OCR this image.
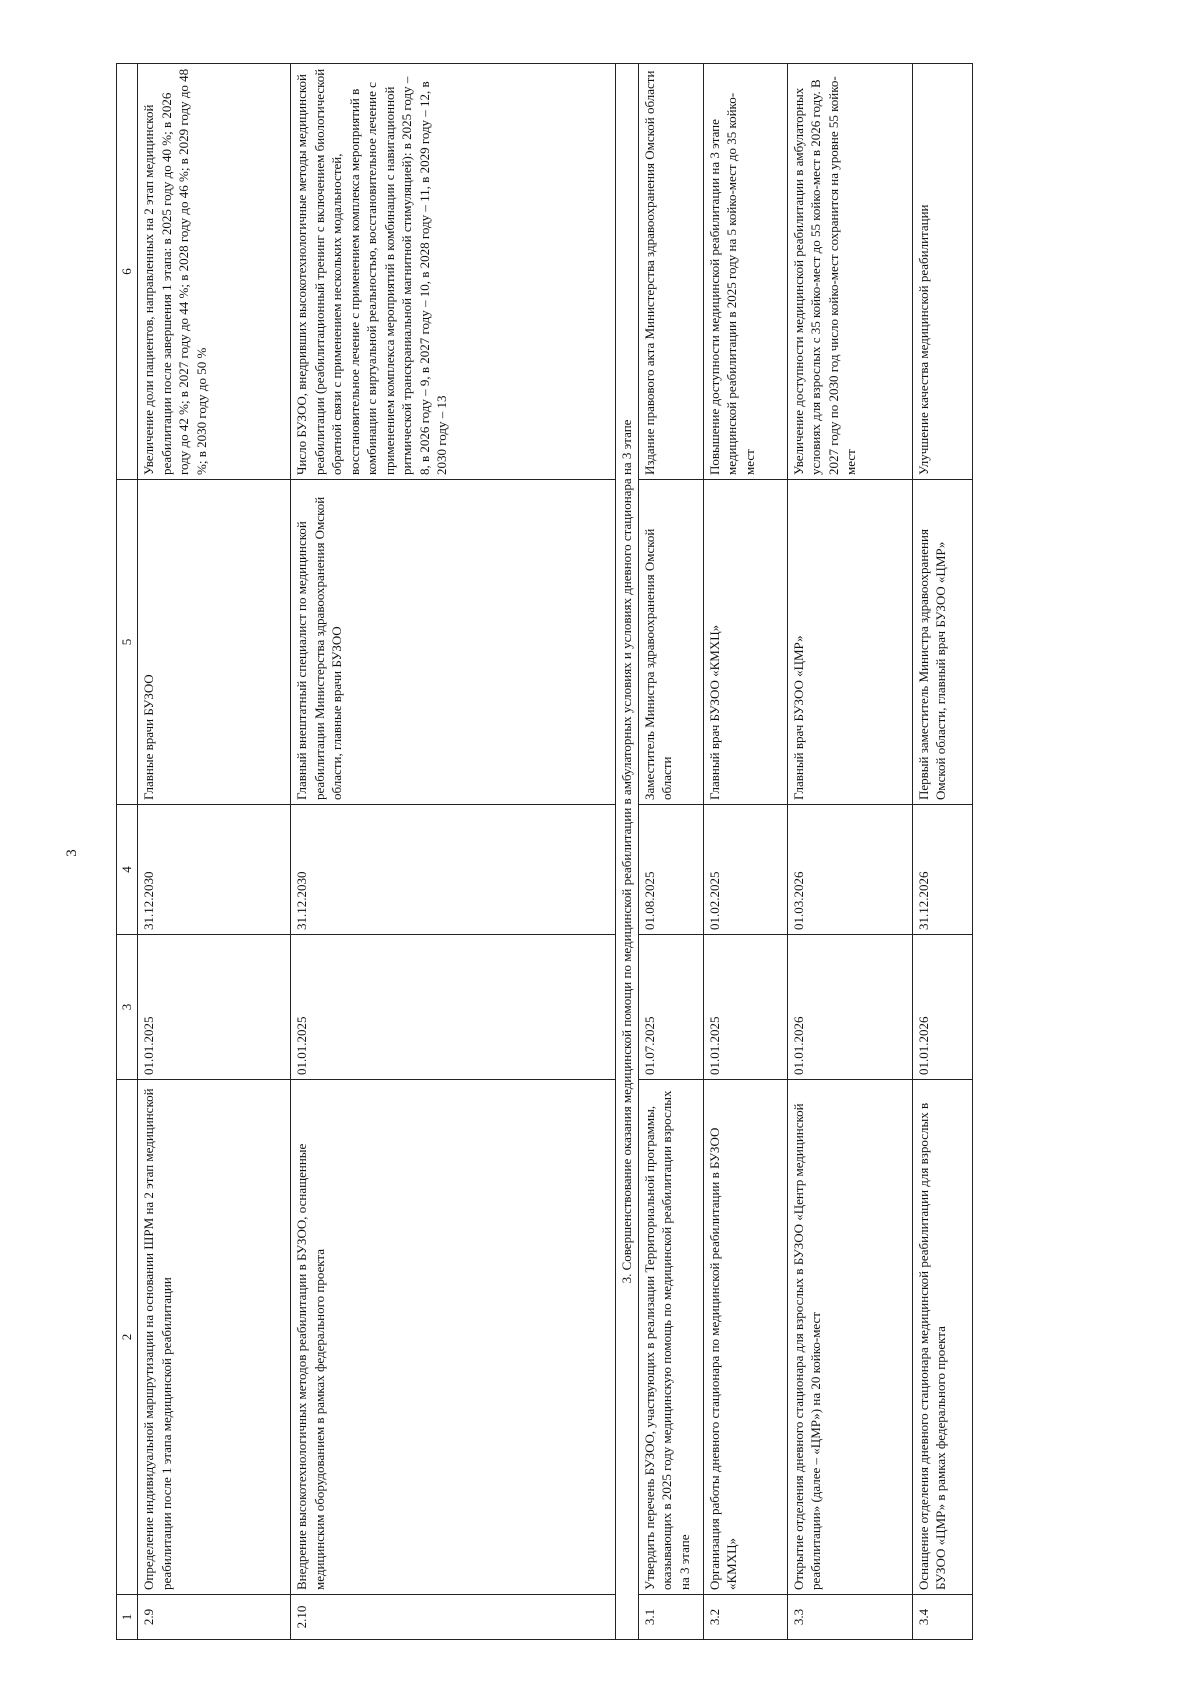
3
1	2	3	4	5	6
2.9	Определение индивидуальной маршрутизации на основании ШРМ на 2 этап медицинской реабилитации после 1 этапа медицинской реабилитации	01.01.2025	31.12.2030	Главные врачи БУЗОО	Увеличение доли пациентов, направленных на 2 этап медицинской реабилитации после завершения 1 этапа: в 2025 году до 40 %; в 2026 году до 42 %; в 2027 году до 44 %; в 2028 году до 46 %; в 2029 году до 48 %; в 2030 году до 50 %
2.10	Внедрение высокотехнологичных методов реабилитации в БУЗОО, оснащенные медицинским оборудованием в рамках федерального проекта	01.01.2025	31.12.2030	Главный внештатный специалист по медицинской реабилитации Министерства здравоохранения Омской области, главные врачи БУЗОО	Число БУЗОО, внедривших высокотехнологичные методы медицинской реабилитации (реабилитационный тренинг с включением биологической обратной связи с применением нескольких модальностей, восстановительное лечение с применением комплекса мероприятий в комбинации с виртуальной реальностью, восстановительное лечение с применением комплекса мероприятий в комбинации с навигационной ритмической транскраниальной магнитной стимуляцией): в 2025 году – 8, в 2026 году – 9, в 2027 году – 10, в 2028 году – 11, в 2029 году – 12, в 2030 году – 13
3. Совершенствование оказания медицинской помощи по медицинской реабилитации в амбулаторных условиях и условиях дневного стационара на 3 этапе					
3.1	Утвердить перечень БУЗОО, участвующих в реализации Территориальной программы, оказывающих в 2025 году медицинскую помощь по медицинской реабилитации взрослых на 3 этапе	01.07.2025	01.08.2025	Заместитель Министра здравоохранения Омской области	Издание правового акта Министерства здравоохранения Омской области
3.2	Организация работы дневного стационара по медицинской реабилитации в БУЗОО «КМХЦ»	01.01.2025	01.02.2025	Главный врач БУЗОО «КМХЦ»	Повышение доступности медицинской реабилитации на 3 этапе медицинской реабилитации в 2025 году на 5 койко-мест до 35 койко-мест
3.3	Открытие отделения дневного стационара для взрослых в БУЗОО «Центр медицинской реабилитации» (далее – «ЦМР») на 20 койко-мест	01.01.2026	01.03.2026	Главный врач БУЗОО «ЦМР»	Увеличение доступности медицинской реабилитации в амбулаторных условиях для взрослых с 35 койко-мест до 55 койко-мест в 2026 году. В 2027 году по 2030 год число койко-мест сохранится на уровне 55 койко-мест
3.4	Оснащение отделения дневного стационара медицинской реабилитации для взрослых в БУЗОО «ЦМР» в рамках федерального проекта	01.01.2026	31.12.2026	Первый заместитель Министра здравоохранения Омской области, главный врач БУЗОО «ЦМР»	Улучшение качества медицинской реабилитации
